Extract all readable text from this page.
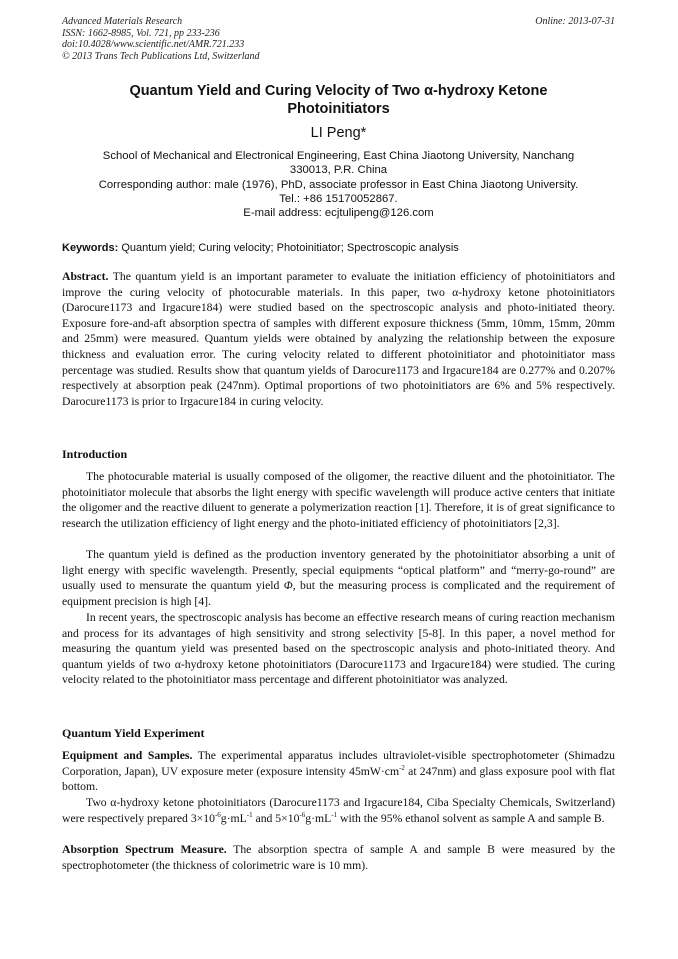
Advanced Materials Research
ISSN: 1662-8985, Vol. 721, pp 233-236
doi:10.4028/www.scientific.net/AMR.721.233
© 2013 Trans Tech Publications Ltd, Switzerland
Online: 2013-07-31
Quantum Yield and Curing Velocity of Two α-hydroxy Ketone
Photoinitiators
LI Peng*
School of Mechanical and Electronical Engineering, East China Jiaotong University, Nanchang
330013, P.R. China
Corresponding author: male (1976), PhD, associate professor in East China Jiaotong University.
Tel.: +86 15170052867.
E-mail address: ecjtulipeng@126.com
Keywords: Quantum yield; Curing velocity; Photoinitiator; Spectroscopic analysis

Abstract. The quantum yield is an important parameter to evaluate the initiation efficiency of photoinitiators and improve the curing velocity of photocurable materials. In this paper, two α-hydroxy ketone photoinitiators (Darocure1173 and Irgacure184) were studied based on the spectroscopic analysis and photo-initiated theory. Exposure fore-and-aft absorption spectra of samples with different exposure thickness (5mm, 10mm, 15mm, 20mm and 25mm) were measured. Quantum yields were obtained by analyzing the relationship between the exposure thickness and evaluation error. The curing velocity related to different photoinitiator and photoinitiator mass percentage was studied. Results show that quantum yields of Darocure1173 and Irgacure184 are 0.277% and 0.207% respectively at absorption peak (247nm). Optimal proportions of two photoinitiators are 6% and 5% respectively. Darocure1173 is prior to Irgacure184 in curing velocity.

Introduction

The photocurable material is usually composed of the oligomer, the reactive diluent and the photoinitiator. The photoinitiator molecule that absorbs the light energy with specific wavelength will produce active centers that initiate the oligomer and the reactive diluent to generate a polymerization reaction [1]. Therefore, it is of great significance to research the utilization efficiency of light energy and the photo-initiated efficiency of photoinitiators [2,3].

The quantum yield is defined as the production inventory generated by the photoinitiator absorbing a unit of light energy with specific wavelength. Presently, special equipments “optical platform” and “merry-go-round” are usually used to mensurate the quantum yield Φ, but the measuring process is complicated and the requirement of equipment precision is high [4].

In recent years, the spectroscopic analysis has become an effective research means of curing reaction mechanism and process for its advantages of high sensitivity and strong selectivity [5-8]. In this paper, a novel method for measuring the quantum yield was presented based on the spectroscopic analysis and photo-initiated theory. And quantum yields of two α-hydroxy ketone photoinitiators (Darocure1173 and Irgacure184) were studied. The curing velocity related to the photoinitiator mass percentage and different photoinitiator was analyzed.

Quantum Yield Experiment

Equipment and Samples. The experimental apparatus includes ultraviolet-visible spectrophotometer (Shimadzu Corporation, Japan), UV exposure meter (exposure intensity $45mW\cdot cm^{-2}$ at 247nm) and glass exposure pool with flat bottom.

Two α-hydroxy ketone photoinitiators (Darocure1173 and Irgacure184, Ciba Specialty Chemicals, Switzerland) were respectively prepared $3\times 10^{-6}g\cdot mL^{-1}$ and $5\times 10^{-6}g\cdot mL^{-1}$ with the 95% ethanol solvent as sample A and sample B.

Absorption Spectrum Measure. The absorption spectra of sample A and sample B were measured by the spectrophotometer (the thickness of colorimetric ware is 10 mm).
